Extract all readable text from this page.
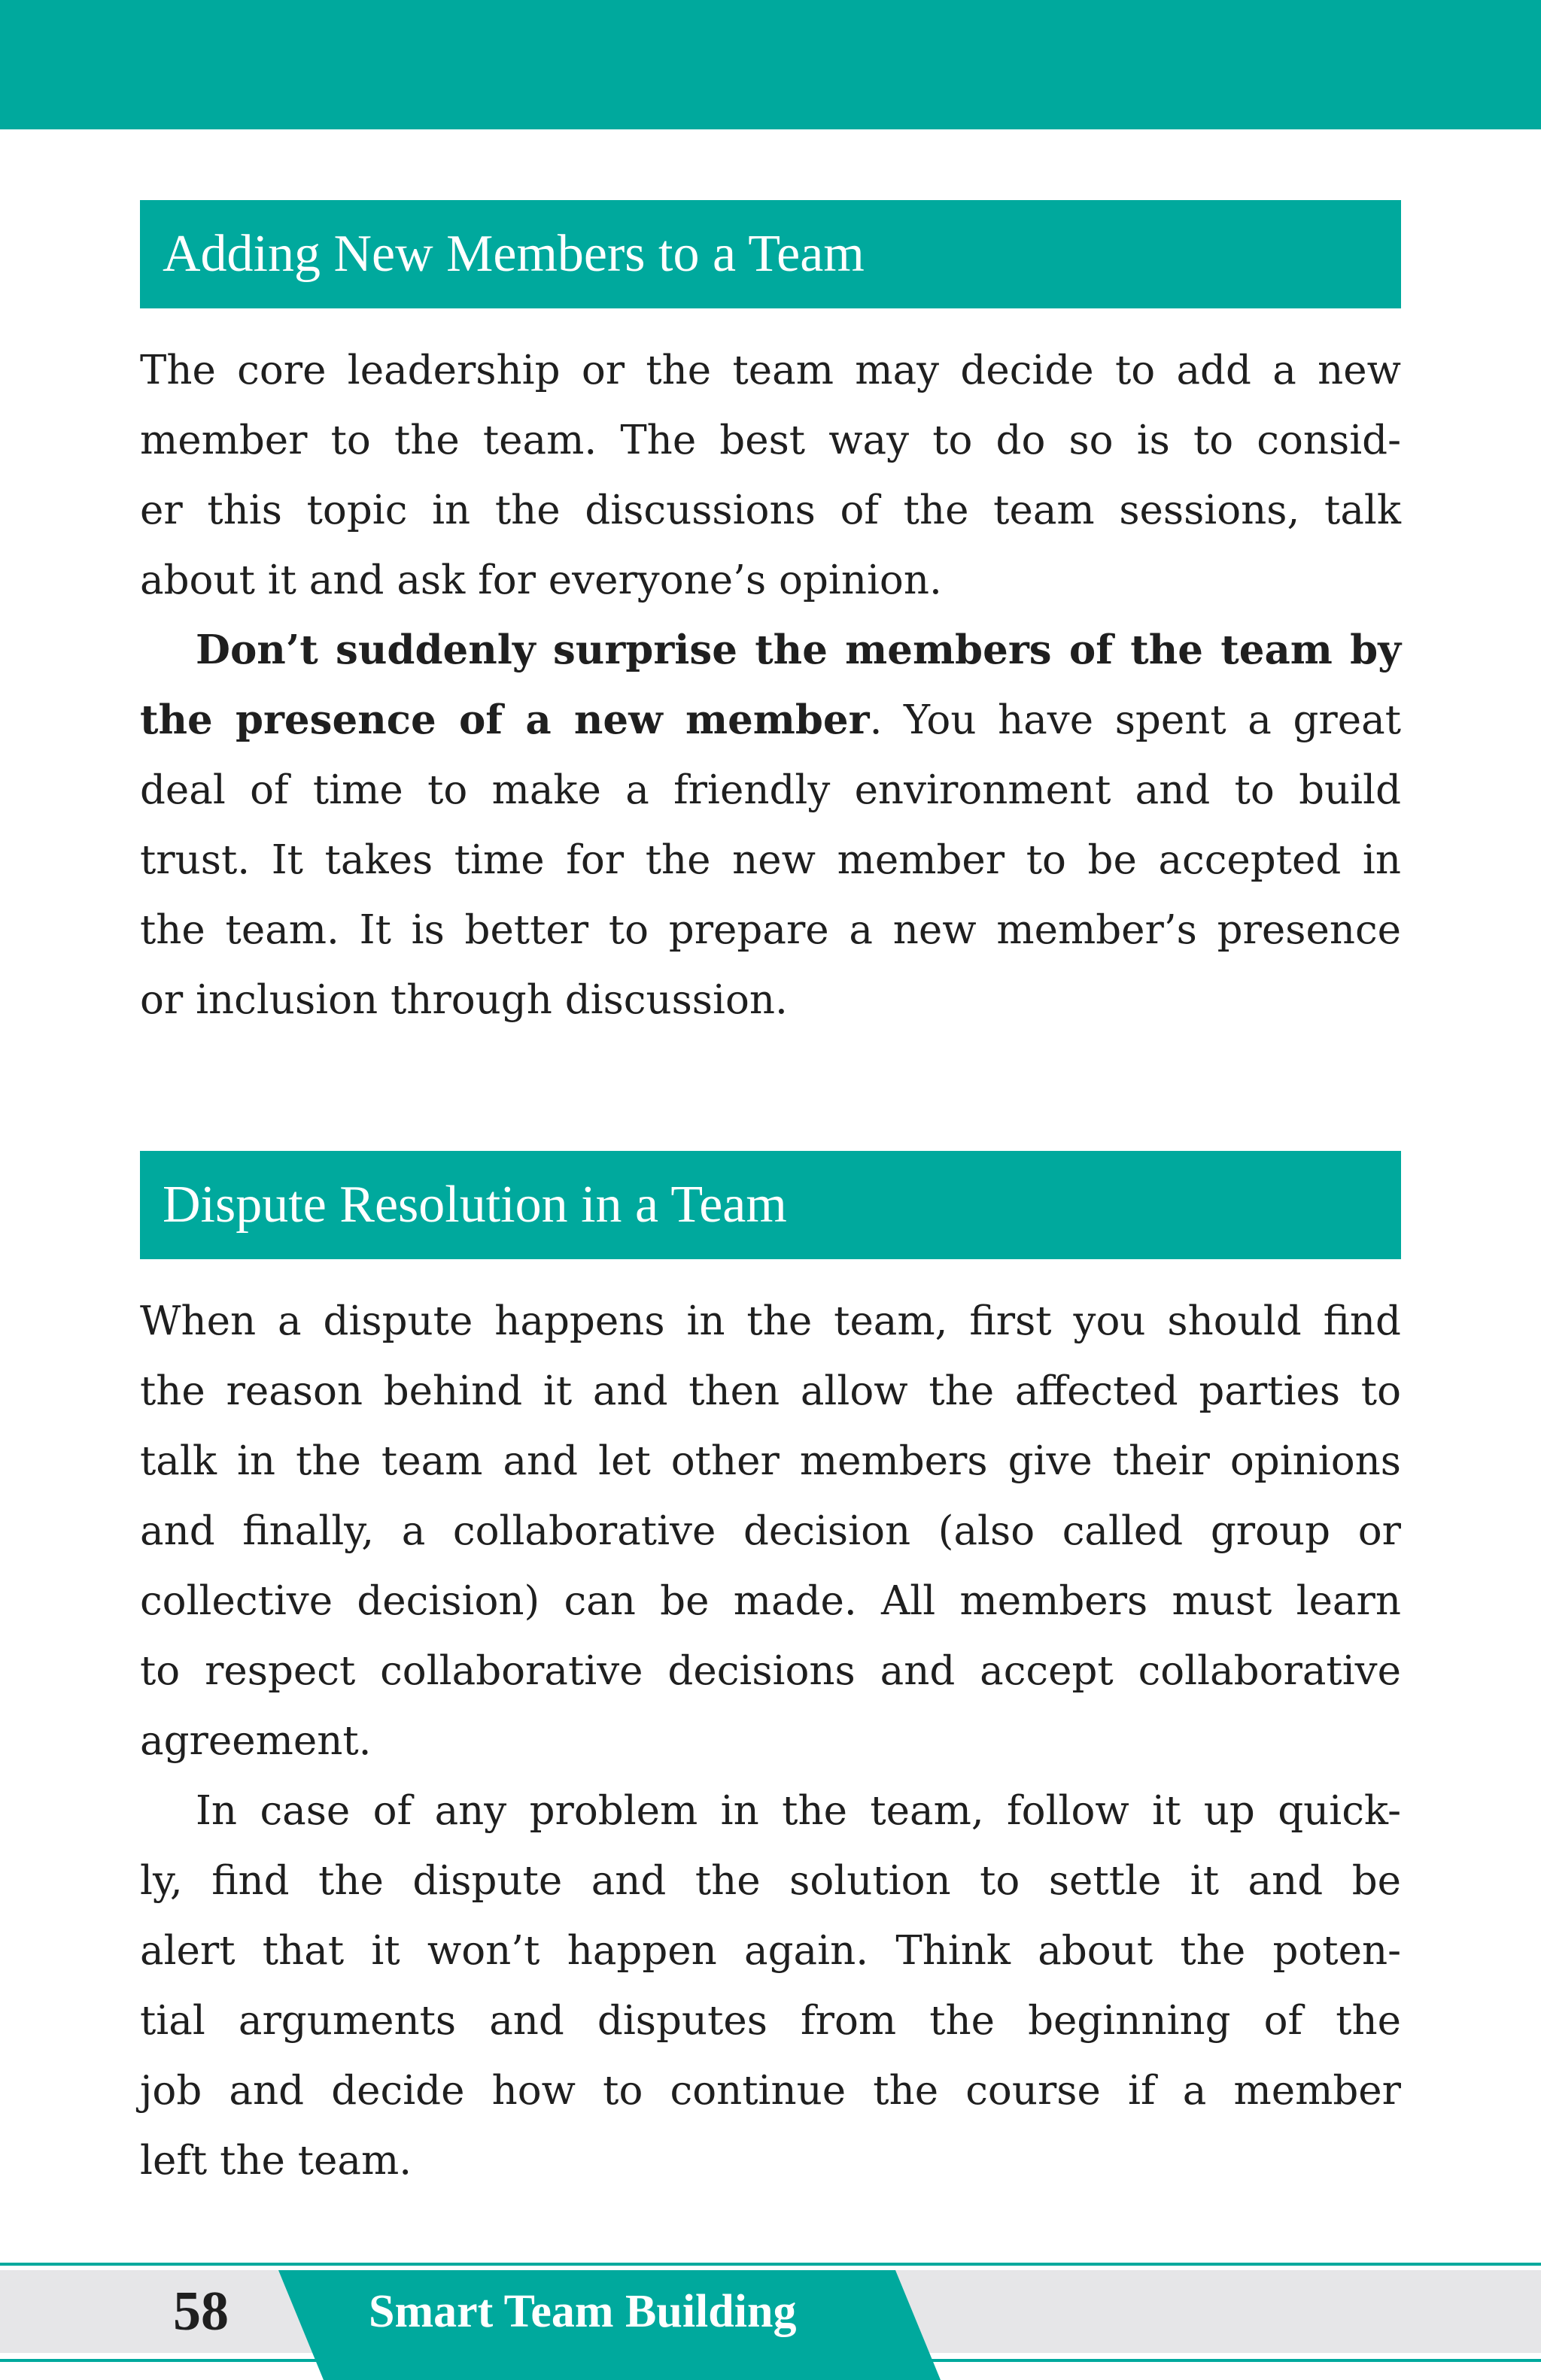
Adding New Members to a Team
The core leadership or the team may decide to add a new
member to the team. The best way to do so is to consid-
er this topic in the discussions of the team sessions, talk
about it and ask for everyone’s opinion.
Don’t suddenly surprise the members of the team by
the presence of a new member. You have spent a great
deal of time to make a friendly environment and to build
trust. It takes time for the new member to be accepted in
the team. It is better to prepare a new member’s presence
or inclusion through discussion.
Dispute Resolution in a Team
When a dispute happens in the team, first you should find
the reason behind it and then allow the affected parties to
talk in the team and let other members give their opinions
and finally, a collaborative decision (also called group or
collective decision) can be made. All members must learn
to respect collaborative decisions and accept collaborative
agreement.
In case of any problem in the team, follow it up quick-
ly, find the dispute and the solution to settle it and be
alert that it won’t happen again. Think about the poten-
tial arguments and disputes from the beginning of the
job and decide how to continue the course if a member
left the team.
58	Smart Team Building
